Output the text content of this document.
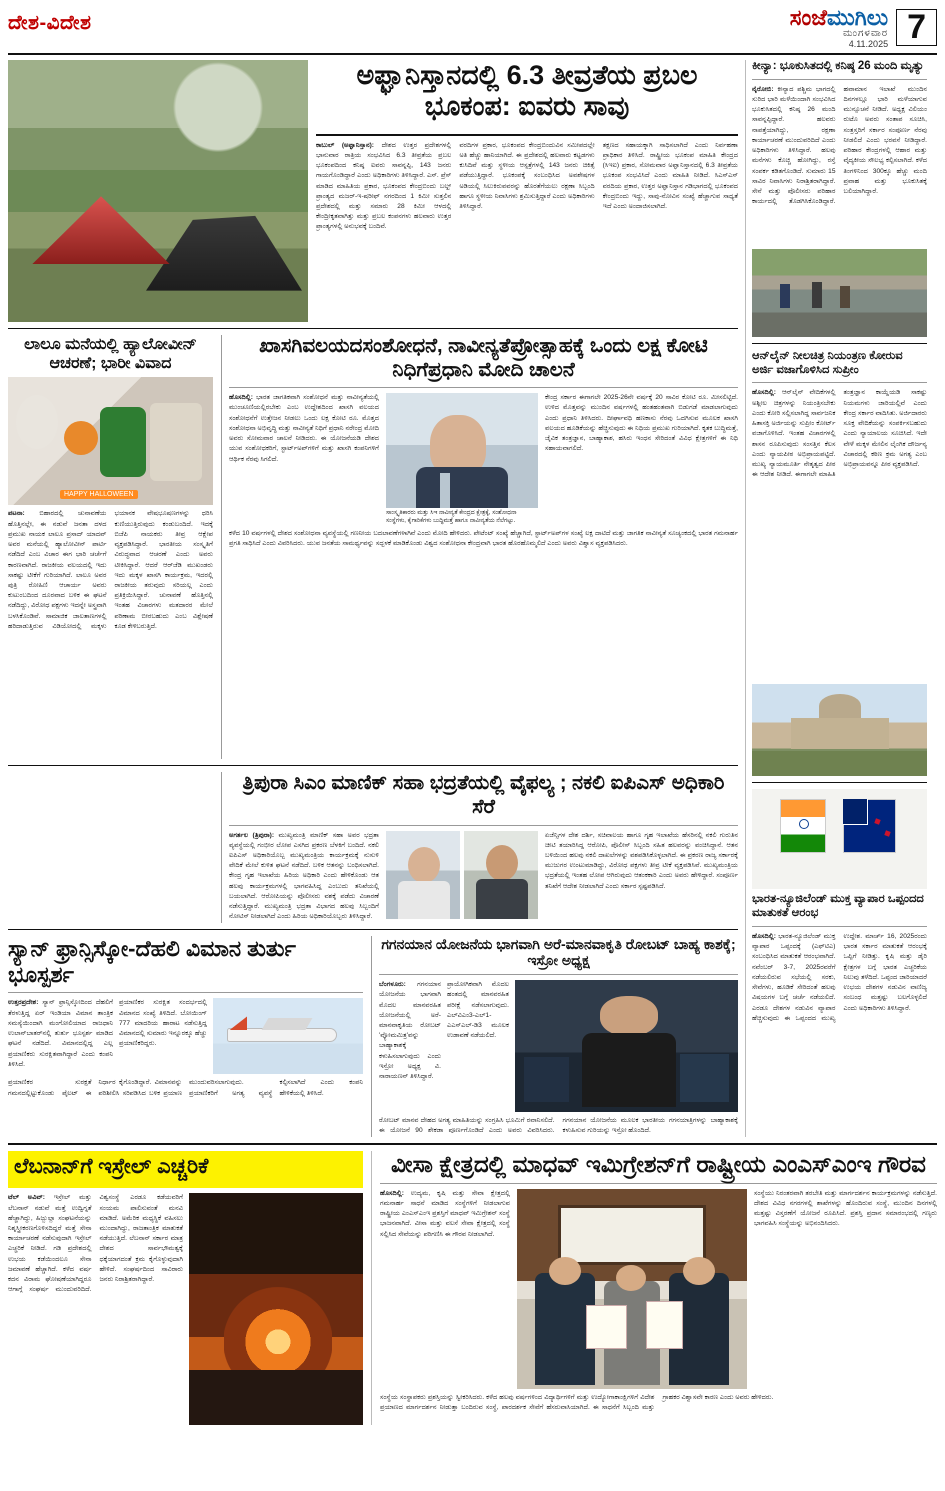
ದೇಶ-ವಿದೇಶ	ಸಂಜೆಮುಗಿಲು
ಮಂಗಳವಾರ
4.11.2025 7
ಅಫ್ಘಾನಿಸ್ತಾನದಲ್ಲಿ 6.3 ತೀವ್ರತೆಯ ಪ್ರಬಲ ಭೂಕಂಪ: ಐವರು ಸಾವು
ಕಾಬುಲ್ (ಅಫ್ಘಾನಿಸ್ತಾನ): ದೇಶದ ಉತ್ತರ ಪ್ರದೇಶಗಳಲ್ಲಿ ಭಾನುವಾರ ರಾತ್ರಿಯ ಸಂಭವಿಸಿದ 6.3 ತೀವ್ರತೆಯ ಪ್ರಬಲ ಭೂಕಂಪದಿಂದ ಕನಿಷ್ಠ ಐವರು ಸಾವನ್ನಪ್ಪಿ, 143 ಜನರು ಗಾಯಗೊಂಡಿದ್ದಾರೆ ಎಂದು ಅಧಿಕಾರಿಗಳು ತಿಳಿಸಿದ್ದಾರೆ. ಎಸ್. ಪ್ರೆಸ್ ಮಾಡಿದ ಮಾಹಿತಿಯ ಪ್ರಕಾರ, ಭೂಕಂಪದ ಕೇಂದ್ರಬಿಂದು ಬಲ್ಖ್ ಪ್ರಾಂತ್ಯದ ಮಜರ್-ಇ-ಷರೀಫ್ ನಗರದಿಂದ 1 ಕಿಮೀ ಸುತ್ತಲಿನ ಪ್ರದೇಶದಲ್ಲಿ ಮತ್ತು ಸಮಾರು 28 ಕಿಮೀ ಆಳದಲ್ಲಿ ಕೇಂದ್ರೀಕೃತವಾಗಿತ್ತು ಮತ್ತು ಪ್ರಬಲ ಕಂಪನಗಳು ಹಲವಾರು ಉತ್ತರ ಪ್ರಾಂತ್ಯಗಳಲ್ಲಿ ಅನುಭವಕ್ಕೆ ಬಂದಿವೆ.
ವರದಿಗಳ ಪ್ರಕಾರ, ಭೂಕಂಪದ ಕೇಂದ್ರಬಿಂದುವಿನ ಸಮೀಪದಲ್ಲೇ ಅತಿ ಹೆಚ್ಚು ಹಾನಿಯಾಗಿದೆ. ಈ ಪ್ರದೇಶದಲ್ಲಿ ಹಲವಾರು ಕಟ್ಟಡಗಳು ಕುಸಿದಿವೆ ಮತ್ತು ಸ್ಥಳೀಯ ಆಸ್ಪತ್ರೆಗಳಲ್ಲಿ 143 ಜನರು ಚಿಕಿತ್ಸೆ ಪಡೆಯುತ್ತಿದ್ದಾರೆ. ಭೂಕಂಪಕ್ಕೆ ಸಂಬಂಧಿಸಿದ ಅವಶೇಷಗಳ ಅಡಿಯಲ್ಲಿ ಸಿಲುಕಿರುವವರನ್ನು ಹೊರತೆಗೆಯಲು ರಕ್ಷಣಾ ಸಿಬ್ಬಂದಿ ಹಾಗೂ ಸ್ಥಳೀಯ ನಿವಾಸಿಗಳು ಶ್ರಮಿಸುತ್ತಿದ್ದಾರೆ ಎಂದು ಅಧಿಕಾರಿಗಳು ತಿಳಿಸಿದ್ದಾರೆ.
ತಕ್ಷಣದ ಸಹಾಯಕ್ಕಾಗಿ ಸಾಧಿಸಲಾಗಿದೆ ಎಂದು ನಿರ್ವಹಣಾ ಪ್ರಾಧಿಕಾರ ತಿಳಿಸಿದೆ. ರಾಷ್ಟ್ರೀಯ ಭೂಕಂಪ ಮಾಹಿತಿ ಕೇಂದ್ರದ (ಸಿಇಐ) ಪ್ರಕಾರ, ಸೋಮವಾರ ಅಫ್ಘಾನಿಸ್ತಾನದಲ್ಲಿ 6.3 ತೀವ್ರತೆಯ ಭೂಕಂಪ ಸಂಭವಿಸಿದೆ ಎಂದು ಮಾಹಿತಿ ನೀಡಿದೆ. ಸಿಎಸ್‌ಎಸ್ ವರದಿಯ ಪ್ರಕಾರ, ಉತ್ತರ ಅಫ್ಘಾನಿಸ್ತಾನ ಗಡಿಭಾಗದಲ್ಲಿ ಭೂಕಂಪದ ಕೇಂದ್ರಬಿಂದು ಇದ್ದು, ಸಾವು-ನೋವಿನ ಸಂಖ್ಯೆ ಹೆಚ್ಚಾಗುವ ಸಾಧ್ಯತೆ ಇದೆ ಎಂದು ಅಂದಾಜಿಸಲಾಗಿದೆ.
ಲಾಲೂ ಮನೆಯಲ್ಲಿ ಹ್ಯಾಲೋವೀನ್ ಆಚರಣೆ; ಭಾರೀ ವಿವಾದ
HAPPY HALLOWEEN
ಪಟನಾ: ಬಿಹಾರದಲ್ಲಿ ಚುನಾವಣೆಯ ಹೊತ್ತಿನಲ್ಲೇ, ಈ ನಡುವೆ ಜನತಾ ದಳದ ಪ್ರಮುಖ ನಾಯಕ ಲಾಲೂ ಪ್ರಸಾದ್ ಯಾದವ್ ಅವರ ಮನೆಯಲ್ಲಿ ಹ್ಯಾಲೋವೀನ್ ಪಾರ್ಟಿ ನಡೆದಿದೆ ಎಂಬ ವಿಚಾರ ಈಗ ಭಾರಿ ಚರ್ಚೆಗೆ ಕಾರಣವಾಗಿದೆ. ರಾಜಕೀಯ ವಲಯದಲ್ಲಿ ಇದು ಸಾಕಷ್ಟು ಟೀಕೆಗೆ ಗುರಿಯಾಗಿದೆ. ಲಾಲೂ ಅವರ ಪುತ್ರಿ ರೋಹಿಣಿ ಆಚಾರ್ಯ ಅವರು ಕುಟುಂಬದಿಂದ ದೂರವಾದ ಬಳಿಕ ಈ ಘಟನೆ ನಡೆದಿದ್ದು, ವಿರೋಧ ಪಕ್ಷಗಳು ಇದನ್ನೇ ಅಸ್ತ್ರವಾಗಿ ಬಳಸಿಕೊಂಡಿವೆ. ಸಾಮಾಜಿಕ ಜಾಲತಾಣಗಳಲ್ಲಿ ಹರಿದಾಡುತ್ತಿರುವ ವಿಡಿಯೋದಲ್ಲಿ ಮಕ್ಕಳು ಭಯಾನಕ ವೇಷಭೂಷಣಗಳನ್ನು ಧರಿಸಿ ಕುಣಿಯುತ್ತಿರುವುದು ಕಂಡುಬಂದಿದೆ. ಇದಕ್ಕೆ ಬಿಜೆಪಿ ನಾಯಕರು ತೀವ್ರ ಆಕ್ಷೇಪ ವ್ಯಕ್ತಪಡಿಸಿದ್ದಾರೆ. ಭಾರತೀಯ ಸಂಸ್ಕೃತಿಗೆ ವಿರುದ್ಧವಾದ ಆಚರಣೆ ಎಂದು ಅವರು ಟೀಕಿಸಿದ್ದಾರೆ. ಆದರೆ ಆರ್‌ಜೆಡಿ ಮುಖಂಡರು ಇದು ಮಕ್ಕಳ ಖಾಸಗಿ ಕಾರ್ಯಕ್ರಮ, ಇದರಲ್ಲಿ ರಾಜಕೀಯ ತರುವುದು ಸರಿಯಲ್ಲ ಎಂದು ಪ್ರತಿಕ್ರಿಯಿಸಿದ್ದಾರೆ. ಚುನಾವಣೆ ಹೊತ್ತಿನಲ್ಲಿ ಇಂತಹ ವಿಚಾರಗಳು ಮತದಾರರ ಮೇಲೆ ಪರಿಣಾಮ ಬೀರಬಹುದು ಎಂಬ ವಿಶ್ಲೇಷಣೆ ಕೂಡ ಕೇಳಿಬರುತ್ತಿದೆ.
ಖಾಸಗಿವಲಯದಸಂಶೋಧನೆ, ನಾವೀನ್ಯತೆಪ್ರೋತ್ಸಾಹಕ್ಕೆ ಒಂದು ಲಕ್ಷ ಕೋಟಿ ನಿಧಿಗೆಪ್ರಧಾನಿ ಮೋದಿ ಚಾಲನೆ
ಹೊಸದಿಲ್ಲಿ: ಭಾರತ ಜಾಗತಿಕವಾಗಿ ಸಂಶೋಧನೆ ಮತ್ತು ನಾವೀನ್ಯತೆಯಲ್ಲಿ ಮುಂಚೂಣಿಯಲ್ಲಿರಬೇಕು ಎಂಬ ಉದ್ದೇಶದಿಂದ ಖಾಸಗಿ ವಲಯದ ಸಂಶೋಧನೆಗೆ ಉತ್ತೇಜನ ನೀಡಲು ಒಂದು ಲಕ್ಷ ಕೋಟಿ ರೂ. ಮೊತ್ತದ ಸಂಶೋಧನಾ ಅಭಿವೃದ್ಧಿ ಮತ್ತು ನಾವೀನ್ಯತೆ ನಿಧಿಗೆ ಪ್ರಧಾನಿ ನರೇಂದ್ರ ಮೋದಿ ಅವರು ಸೋಮವಾರ ಚಾಲನೆ ನೀಡಿದರು. ಈ ಯೋಜನೆಯಡಿ ದೇಶದ ಯುವ ಸಂಶೋಧಕರಿಗೆ, ಸ್ಟಾರ್ಟ್‌ಅಪ್‌ಗಳಿಗೆ ಮತ್ತು ಖಾಸಗಿ ಕಂಪನಿಗಳಿಗೆ ಆರ್ಥಿಕ ನೆರವು ಸಿಗಲಿದೆ.
ಸಾಂಸ್ಕೃತಿಕಾರರು ಮತ್ತು ಸಿಇ ನಾವೀನ್ಯತೆ ಕೇಂದ್ರದ ಕ್ಷೇತ್ರಕ್ಕೆ, ಸಂಶೋಧನಾ ಸಂಸ್ಥೆಗಳು, ಕೈಗಾರಿಕೆಗಳು ಬುದ್ಧಿಮತ್ತೆ ಹಾಗೂ ನಾವೀನ್ಯತೆಯ ನೆಲೆಗಟ್ಟು.
ಕೇಂದ್ರ ಸರ್ಕಾರ ಈಗಾಗಲೇ 2025-26ನೇ ವರ್ಷಕ್ಕೆ 20 ಸಾವಿರ ಕೋಟಿ ರೂ. ಮೀಸಲಿಟ್ಟಿದೆ. ಉಳಿದ ಮೊತ್ತವನ್ನು ಮುಂದಿನ ವರ್ಷಗಳಲ್ಲಿ ಹಂತಹಂತವಾಗಿ ಬಿಡುಗಡೆ ಮಾಡಲಾಗುವುದು ಎಂದು ಪ್ರಧಾನಿ ತಿಳಿಸಿದರು. ದೀರ್ಘಾವಧಿ ಹಣಕಾಸು ನೆರವು ಒದಗಿಸುವ ಮೂಲಕ ಖಾಸಗಿ ವಲಯದ ಹೂಡಿಕೆಯನ್ನು ಹೆಚ್ಚಿಸುವುದು ಈ ನಿಧಿಯ ಪ್ರಮುಖ ಗುರಿಯಾಗಿದೆ. ಕೃತಕ ಬುದ್ಧಿಮತ್ತೆ, ಜೈವಿಕ ತಂತ್ರಜ್ಞಾನ, ಬಾಹ್ಯಾಕಾಶ, ಹಸಿರು ಇಂಧನ ಸೇರಿದಂತೆ ವಿವಿಧ ಕ್ಷೇತ್ರಗಳಿಗೆ ಈ ನಿಧಿ ಸಹಾಯವಾಗಲಿದೆ.
ಕಳೆದ 10 ವರ್ಷಗಳಲ್ಲಿ ದೇಶದ ಸಂಶೋಧನಾ ವ್ಯವಸ್ಥೆಯಲ್ಲಿ ಗಣನೀಯ ಬದಲಾವಣೆಗಳಾಗಿವೆ ಎಂದು ಮೋದಿ ಹೇಳಿದರು. ಪೇಟೆಂಟ್ ಸಂಖ್ಯೆ ಹೆಚ್ಚಾಗಿದೆ, ಸ್ಟಾರ್ಟ್‌ಅಪ್‌ಗಳ ಸಂಖ್ಯೆ ಲಕ್ಷ ದಾಟಿದೆ ಮತ್ತು ಜಾಗತಿಕ ನಾವೀನ್ಯತೆ ಸೂಚ್ಯಂಕದಲ್ಲಿ ಭಾರತ ಗಮನಾರ್ಹ ಪ್ರಗತಿ ಸಾಧಿಸಿದೆ ಎಂದು ವಿವರಿಸಿದರು. ಯುವ ಜನತೆಯ ಸಾಮರ್ಥ್ಯವನ್ನು ಸದ್ಬಳಕೆ ಮಾಡಿಕೊಂಡು ವಿಶ್ವದ ಸಂಶೋಧನಾ ಕೇಂದ್ರವಾಗಿ ಭಾರತ ಹೊರಹೊಮ್ಮಲಿದೆ ಎಂದು ಅವರು ವಿಶ್ವಾಸ ವ್ಯಕ್ತಪಡಿಸಿದರು.
ತ್ರಿಪುರಾ ಸಿಎಂ ಮಾಣಿಕ್ ಸಹಾ ಭದ್ರತೆಯಲ್ಲಿ ವೈಫಲ್ಯ ; ನಕಲಿ ಐಪಿಎಸ್ ಅಧಿಕಾರಿ ಸೆರೆ
ಅಗರ್ತಲ (ತ್ರಿಪುರಾ): ಮುಖ್ಯಮಂತ್ರಿ ಮಾಣಿಕ್ ಸಹಾ ಅವರ ಭದ್ರತಾ ವ್ಯವಸ್ಥೆಯಲ್ಲಿ ಗಂಭೀರ ಲೋಪ ಎಸಗಿದ ಪ್ರಕರಣ ಬೆಳಕಿಗೆ ಬಂದಿದೆ. ನಕಲಿ ಐಪಿಎಸ್ ಅಧಿಕಾರಿಯೊಬ್ಬ ಮುಖ್ಯಮಂತ್ರಿಯ ಕಾರ್ಯಕ್ರಮಕ್ಕೆ ನುಸುಳಿ ವೇದಿಕೆ ಮೇಲೆ ಕುಳಿತ ಘಟನೆ ನಡೆದಿದೆ. ಬಳಿಕ ಆತನನ್ನು ಬಂಧಿಸಲಾಗಿದೆ. ಕೇಂದ್ರ ಗೃಹ ಇಲಾಖೆಯ ಹಿರಿಯ ಅಧಿಕಾರಿ ಎಂದು ಹೇಳಿಕೊಂಡು ಆತ ಹಲವು ಕಾರ್ಯಕ್ರಮಗಳಲ್ಲಿ ಭಾಗವಹಿಸಿದ್ದ ಎಂಬುದು ತನಿಖೆಯಲ್ಲಿ ಬಯಲಾಗಿದೆ. ಆರೋಪಿಯನ್ನು ಪೊಲೀಸರು ವಶಕ್ಕೆ ಪಡೆದು ವಿಚಾರಣೆ ನಡೆಸುತ್ತಿದ್ದಾರೆ. ಮುಖ್ಯಮಂತ್ರಿ ಭದ್ರತಾ ವಿಭಾಗದ ಹಲವು ಸಿಬ್ಬಂದಿಗೆ ನೋಟಿಸ್ ನೀಡಲಾಗಿದೆ ಎಂದು ಹಿರಿಯ ಅಧಿಕಾರಿಯೊಬ್ಬರು ತಿಳಿಸಿದ್ದಾರೆ.
ಏಜೆನ್ಸಿಗಳ ದೇಶ ದರ್ಶಿ, ಸಚಿವಾಲಯ ಹಾಗೂ ಗೃಹ ಇಲಾಖೆಯ ಹೆಸರಿನಲ್ಲಿ ನಕಲಿ ಗುರುತಿನ ಚೀಟಿ ತಯಾರಿಸಿದ್ದ ಆರೋಪಿ, ಪೊಲೀಸ್ ಸಿಬ್ಬಂದಿ ಸಹಿತ ಹಲವರನ್ನು ವಂಚಿಸಿದ್ದಾನೆ. ಆತನ ಬಳಿಯಿಂದ ಹಲವು ನಕಲಿ ದಾಖಲೆಗಳನ್ನು ವಶಪಡಿಸಿಕೊಳ್ಳಲಾಗಿದೆ. ಈ ಪ್ರಕರಣ ರಾಜ್ಯ ಸರ್ಕಾರಕ್ಕೆ ಮುಜುಗರ ಉಂಟುಮಾಡಿದ್ದು, ವಿರೋಧ ಪಕ್ಷಗಳು ತೀವ್ರ ಟೀಕೆ ವ್ಯಕ್ತಪಡಿಸಿವೆ. ಮುಖ್ಯಮಂತ್ರಿಯ ಭದ್ರತೆಯಲ್ಲಿ ಇಂತಹ ಲೋಪ ಆಗಿರುವುದು ಆತಂಕಕಾರಿ ಎಂದು ಅವರು ಹೇಳಿದ್ದಾರೆ. ಸಂಪೂರ್ಣ ತನಿಖೆಗೆ ಆದೇಶ ನೀಡಲಾಗಿದೆ ಎಂದು ಸರ್ಕಾರ ಸ್ಪಷ್ಟಪಡಿಸಿದೆ.
ಸ್ಯಾನ್ ಫ್ರಾನ್ಸಿಸ್ಕೋ-ದೆಹಲಿ ವಿಮಾನ ತುರ್ತು ಭೂಸ್ಪರ್ಶ
ಉತ್ತರಪ್ರದೇಶ: ಸ್ಯಾನ್ ಫ್ರಾನ್ಸಿಸ್ಕೋದಿಂದ ದೆಹಲಿಗೆ ತೆರಳುತ್ತಿದ್ದ ಏರ್ ಇಂಡಿಯಾ ವಿಮಾನ ತಾಂತ್ರಿಕ ಸಮಸ್ಯೆಯಿಂದಾಗಿ ಮಂಗೋಲಿಯಾದ ರಾಜಧಾನಿ ಉಲಾನ್‌ಬಾತರ್‌ನಲ್ಲಿ ತುರ್ತು ಭೂಸ್ಪರ್ಶ ಮಾಡಿದ ಘಟನೆ ನಡೆದಿದೆ. ವಿಮಾನದಲ್ಲಿದ್ದ ಎಲ್ಲ ಪ್ರಯಾಣಿಕರು ಸುರಕ್ಷಿತವಾಗಿದ್ದಾರೆ ಎಂದು ಕಂಪನಿ ತಿಳಿಸಿದೆ.
ಪ್ರಯಾಣಿಕರ ಸುರಕ್ಷಿತ ಸಂದರ್ಭದಲ್ಲಿ ವಿಮಾನದ ಸಂಖ್ಯೆ ತಿಳಿದಿದೆ. ಬೋಯಿಂಗ್ 777 ಮಾದರಿಯ ಹಾರಾಟ ನಡೆಸುತ್ತಿದ್ದ ವಿಮಾನದಲ್ಲಿ ಸುಮಾರು ಇನ್ನೂರಕ್ಕೂ ಹೆಚ್ಚು ಪ್ರಯಾಣಿಕರಿದ್ದರು.
ಪ್ರಯಾಣಿಕರ ಸುರಕ್ಷತೆ ಗಮನದಲ್ಲಿಟ್ಟುಕೊಂಡು ಪೈಲಟ್ ಈ ನಿರ್ಧಾರ ಕೈಗೊಂಡಿದ್ದಾರೆ. ವಿಮಾನವನ್ನು ಪರಿಶೀಲಿಸಿ ಸರಿಪಡಿಸಿದ ಬಳಿಕ ಪ್ರಯಾಣ ಮುಂದುವರಿಸಲಾಗುವುದು. ಪ್ರಯಾಣಿಕರಿಗೆ ಅಗತ್ಯ ವ್ಯವಸ್ಥೆ ಕಲ್ಪಿಸಲಾಗಿದೆ ಎಂದು ಕಂಪನಿ ಹೇಳಿಕೆಯಲ್ಲಿ ತಿಳಿಸಿದೆ.
ಗಗನಯಾನ ಯೋಜನೆಯ ಭಾಗವಾಗಿ ಅರೆ-ಮಾನವಾಕೃತಿ ರೋಬಟ್ ಬಾಹ್ಯ ಕಾಶಕ್ಕೆ; ಇಸ್ರೋ ಅಧ್ಯಕ್ಷ
ಬೆಂಗಳೂರು: ಗಗನಯಾನ ಯೋಜನೆಯ ಭಾಗವಾಗಿ ಮೊದಲ ಮಾನವರಹಿತ ಯೋಜನೆಯಲ್ಲಿ ಅರೆ-ಮಾನವಾಕೃತಿಯ ರೋಬಟ್ 'ವ್ಯೋಮಮಿತ್ರ'ವನ್ನು ಬಾಹ್ಯಾಕಾಶಕ್ಕೆ ಕಳುಹಿಸಲಾಗುವುದು ಎಂದು ಇಸ್ರೋ ಅಧ್ಯಕ್ಷ ವಿ. ನಾರಾಯಣನ್ ತಿಳಿಸಿದ್ದಾರೆ.
ಪ್ರಾಯೋಗಿಕವಾಗಿ ಮೊದಲ ಹಂತದಲ್ಲಿ ಮಾನವರಹಿತ ಪರೀಕ್ಷೆ ನಡೆಸಲಾಗುವುದು. ಎಲ್‌ವಿಎಂ3-ಎಲ್‌1-ಎಎಸ್‌ಎಲ್-ಡಿ3 ಮೂಲಕ ಉಡಾವಣೆ ನಡೆಯಲಿದೆ.
ರೋಬಟ್ ಮಾನವ ದೇಹದ ಅಗತ್ಯ ಮಾಹಿತಿಯನ್ನು ಸಂಗ್ರಹಿಸಿ ಭೂಮಿಗೆ ರವಾನಿಸಲಿದೆ. ಈ ಯೋಜನೆ 90 ಶೇಕಡಾ ಪೂರ್ಣಗೊಂಡಿದೆ ಎಂದು ಅವರು ವಿವರಿಸಿದರು. ಗಗನಯಾನ ಯೋಜನೆಯ ಮೂಲಕ ಭಾರತೀಯ ಗಗನಯಾತ್ರಿಗಳನ್ನು ಬಾಹ್ಯಾಕಾಶಕ್ಕೆ ಕಳುಹಿಸುವ ಗುರಿಯನ್ನು ಇಸ್ರೋ ಹೊಂದಿದೆ.
ಕೀನ್ಯಾ: ಭೂಕುಸಿತದಲ್ಲಿ ಕನಿಷ್ಠ 26 ಮಂದಿ ಮೃತ್ಯು
ನೈರೋಬಿ: ಕೀನ್ಯಾದ ಪಶ್ಚಿಮ ಭಾಗದಲ್ಲಿ ಸುರಿದ ಭಾರಿ ಮಳೆಯಿಂದಾಗಿ ಸಂಭವಿಸಿದ ಭೂಕುಸಿತದಲ್ಲಿ ಕನಿಷ್ಠ 26 ಮಂದಿ ಸಾವನ್ನಪ್ಪಿದ್ದಾರೆ. ಹಲವರು ನಾಪತ್ತೆಯಾಗಿದ್ದು, ರಕ್ಷಣಾ ಕಾರ್ಯಾಚರಣೆ ಮುಂದುವರಿದಿದೆ ಎಂದು ಅಧಿಕಾರಿಗಳು ತಿಳಿಸಿದ್ದಾರೆ. ಹಲವು ಮನೆಗಳು ಕೊಚ್ಚಿ ಹೋಗಿದ್ದು, ರಸ್ತೆ ಸಂಪರ್ಕ ಕಡಿತಗೊಂಡಿದೆ. ಸುಮಾರು 15 ಸಾವಿರ ನಿವಾಸಿಗಳು ನಿರಾಶ್ರಿತರಾಗಿದ್ದಾರೆ. ಸೇನೆ ಮತ್ತು ಪೊಲೀಸರು ಪರಿಹಾರ ಕಾರ್ಯದಲ್ಲಿ ತೊಡಗಿಸಿಕೊಂಡಿದ್ದಾರೆ. ಹವಾಮಾನ ಇಲಾಖೆ ಮುಂದಿನ ದಿನಗಳಲ್ಲೂ ಭಾರಿ ಮಳೆಯಾಗುವ ಮುನ್ಸೂಚನೆ ನೀಡಿದೆ. ಅಧ್ಯಕ್ಷ ವಿಲಿಯಂ ರುಟೊ ಅವರು ಸಂತಾಪ ಸೂಚಿಸಿ, ಸಂತ್ರಸ್ತರಿಗೆ ಸರ್ಕಾರ ಸಂಪೂರ್ಣ ನೆರವು ನೀಡಲಿದೆ ಎಂದು ಭರವಸೆ ನೀಡಿದ್ದಾರೆ. ಪರಿಹಾರ ಕೇಂದ್ರಗಳಲ್ಲಿ ಆಹಾರ ಮತ್ತು ವೈದ್ಯಕೀಯ ಸೌಲಭ್ಯ ಕಲ್ಪಿಸಲಾಗಿದೆ. ಕಳೆದ ತಿಂಗಳಿನಿಂದ 300ಕ್ಕೂ ಹೆಚ್ಚು ಮಂದಿ ಪ್ರವಾಹ ಮತ್ತು ಭೂಕುಸಿತಕ್ಕೆ ಬಲಿಯಾಗಿದ್ದಾರೆ.
ಆನ್‌ಲೈನ್ ನೀಲಚಿತ್ರ ನಿಯಂತ್ರಣ ಕೋರುವ ಅರ್ಜಿ ವಜಾಗೊಳಿಸಿದ ಸುಪ್ರೀಂ
ಹೊಸದಿಲ್ಲಿ: ಆನ್‌ಲೈನ್ ವೇದಿಕೆಗಳಲ್ಲಿ ಅಶ್ಲೀಲ ಚಿತ್ರಗಳನ್ನು ನಿಯಂತ್ರಿಸಬೇಕು ಎಂದು ಕೋರಿ ಸಲ್ಲಿಸಲಾಗಿದ್ದ ಸಾರ್ವಜನಿಕ ಹಿತಾಸಕ್ತಿ ಅರ್ಜಿಯನ್ನು ಸುಪ್ರೀಂ ಕೋರ್ಟ್ ವಜಾಗೊಳಿಸಿದೆ. ಇಂತಹ ವಿಚಾರಗಳಲ್ಲಿ ಶಾಸನ ರೂಪಿಸುವುದು ಸಂಸತ್ತಿನ ಕೆಲಸ ಎಂದು ನ್ಯಾಯಪೀಠ ಅಭಿಪ್ರಾಯಪಟ್ಟಿದೆ. ಮುಖ್ಯ ನ್ಯಾಯಮೂರ್ತಿ ನೇತೃತ್ವದ ಪೀಠ ಈ ಆದೇಶ ನೀಡಿದೆ. ಈಗಾಗಲೇ ಮಾಹಿತಿ ತಂತ್ರಜ್ಞಾನ ಕಾಯ್ದೆಯಡಿ ಸಾಕಷ್ಟು ನಿಯಮಗಳು ಜಾರಿಯಲ್ಲಿವೆ ಎಂದು ಕೇಂದ್ರ ಸರ್ಕಾರ ವಾದಿಸಿತು. ಅರ್ಜಿದಾರರು ಸೂಕ್ತ ವೇದಿಕೆಯನ್ನು ಸಂಪರ್ಕಿಸಬಹುದು ಎಂದು ನ್ಯಾಯಾಲಯ ಸೂಚಿಸಿದೆ. ಇದೇ ವೇಳೆ ಮಕ್ಕಳ ಮೇಲಿನ ಲೈಂಗಿಕ ದೌರ್ಜನ್ಯ ವಿಚಾರದಲ್ಲಿ ಕಠಿಣ ಕ್ರಮ ಅಗತ್ಯ ಎಂಬ ಅಭಿಪ್ರಾಯವನ್ನೂ ಪೀಠ ವ್ಯಕ್ತಪಡಿಸಿದೆ.
ಭಾರತ-ನ್ಯೂಜಿಲೆಂಡ್ ಮುಕ್ತ ವ್ಯಾಪಾರ ಒಪ್ಪಂದದ ಮಾತುಕತೆ ಆರಂಭ
ಹೊಸದಿಲ್ಲಿ: ಭಾರತ-ನ್ಯೂಜಿಲೆಂಡ್ ಮುಕ್ತ ವ್ಯಾಪಾರ ಒಪ್ಪಂದಕ್ಕೆ (ಎಫ್‌ಟಿಎ) ಸಂಬಂಧಿಸಿದ ಮಾತುಕತೆ ಆರಂಭವಾಗಿದೆ. ನವೆಂಬರ್ 3-7, 2025ರವರೆಗೆ ನಡೆಯಲಿರುವ ಸಭೆಯಲ್ಲಿ ಸರಕು, ಸೇವೆಗಳು, ಹೂಡಿಕೆ ಸೇರಿದಂತೆ ಹಲವು ವಿಷಯಗಳ ಬಗ್ಗೆ ಚರ್ಚೆ ನಡೆಯಲಿದೆ. ಎರಡೂ ದೇಶಗಳ ನಡುವಿನ ವ್ಯಾಪಾರ ಹೆಚ್ಚಿಸುವುದು ಈ ಒಪ್ಪಂದದ ಮುಖ್ಯ ಉದ್ದೇಶ. ಮಾರ್ಚ್ 16, 2025ರಂದು ಭಾರತ ಸರ್ಕಾರ ಮಾತುಕತೆ ಆರಂಭಕ್ಕೆ ಒಪ್ಪಿಗೆ ನೀಡಿತ್ತು. ಕೃಷಿ ಮತ್ತು ಡೈರಿ ಕ್ಷೇತ್ರಗಳ ಬಗ್ಗೆ ಭಾರತ ಎಚ್ಚರಿಕೆಯ ನಿಲುವು ತಳೆದಿದೆ. ಒಪ್ಪಂದ ಜಾರಿಯಾದರೆ ಉಭಯ ದೇಶಗಳ ನಡುವಿನ ವಾಣಿಜ್ಯ ಸಂಬಂಧ ಮತ್ತಷ್ಟು ಬಲಗೊಳ್ಳಲಿದೆ ಎಂದು ಅಧಿಕಾರಿಗಳು ತಿಳಿಸಿದ್ದಾರೆ.
ಲೆಬನಾನ್‌ಗೆ ಇಸ್ರೇಲ್ ಎಚ್ಚರಿಕೆ
ಟೆಲ್ ಅವಿವ್: ಇಸ್ರೇಲ್ ಮತ್ತು ಲೆಬನಾನ್ ನಡುವೆ ಮತ್ತೆ ಉದ್ವಿಗ್ನತೆ ಹೆಚ್ಚಾಗಿದ್ದು, ಹಿಜ್ಬುಲ್ಲಾ ಸಂಘಟನೆಯನ್ನು ನಿಶ್ಶಸ್ತ್ರೀಕರಣಗೊಳಿಸದಿದ್ದರೆ ಮತ್ತೆ ಸೇನಾ ಕಾರ್ಯಾಚರಣೆ ನಡೆಸುವುದಾಗಿ ಇಸ್ರೇಲ್ ಎಚ್ಚರಿಕೆ ನೀಡಿದೆ. ಗಡಿ ಪ್ರದೇಶದಲ್ಲಿ ಉಭಯ ಕಡೆಯಿಂದಲೂ ಸೇನಾ ಜಮಾವಣೆ ಹೆಚ್ಚಾಗಿದೆ. ಕಳೆದ ವರ್ಷ ಕದನ ವಿರಾಮ ಘೋಷಣೆಯಾಗಿದ್ದರೂ ಆಗಾಗ್ಗೆ ಸಂಘರ್ಷ ಮುಂದುವರಿದಿದೆ. ವಿಶ್ವಸಂಸ್ಥೆ ಎರಡೂ ಕಡೆಯವರಿಗೆ ಸಂಯಮ ಪಾಲಿಸುವಂತೆ ಮನವಿ ಮಾಡಿದೆ. ಅಮೆರಿಕ ಮಧ್ಯಸ್ಥಿಕೆ ವಹಿಸಲು ಮುಂದಾಗಿದ್ದು, ರಾಜತಾಂತ್ರಿಕ ಮಾತುಕತೆ ನಡೆಯುತ್ತಿದೆ. ಲೆಬನಾನ್ ಸರ್ಕಾರ ಮಾತ್ರ ದೇಶದ ಸಾರ್ವಭೌಮತ್ವಕ್ಕೆ ಧಕ್ಕೆಯಾಗದಂತೆ ಕ್ರಮ ಕೈಗೊಳ್ಳುವುದಾಗಿ ಹೇಳಿದೆ. ಸಂಘರ್ಷದಿಂದ ಸಾವಿರಾರು ಜನರು ನಿರಾಶ್ರಿತರಾಗಿದ್ದಾರೆ.
ವೀಸಾ ಕ್ಷೇತ್ರದಲ್ಲಿ ಮಾಧವ್ ಇಮಿಗ್ರೇಶನ್‌ಗೆ ರಾಷ್ಟ್ರೀಯ ಎಂಎಸ್‌ಎಂಇ ಗೌರವ
ಹೊಸದಿಲ್ಲಿ: ಉದ್ಯಮ, ಕೃಷಿ ಮತ್ತು ಸೇವಾ ಕ್ಷೇತ್ರದಲ್ಲಿ ಗಮನಾರ್ಹ ಸಾಧನೆ ಮಾಡಿದ ಸಂಸ್ಥೆಗಳಿಗೆ ನೀಡಲಾಗುವ ರಾಷ್ಟ್ರೀಯ ಎಂಎಸ್‌ಎಂಇ ಪ್ರಶಸ್ತಿಗೆ ಮಾಧವ್ ಇಮಿಗ್ರೇಶನ್ ಸಂಸ್ಥೆ ಭಾಜನವಾಗಿದೆ. ವೀಸಾ ಮತ್ತು ವಲಸೆ ಸೇವಾ ಕ್ಷೇತ್ರದಲ್ಲಿ ಸಂಸ್ಥೆ ಸಲ್ಲಿಸಿದ ಸೇವೆಯನ್ನು ಪರಿಗಣಿಸಿ ಈ ಗೌರವ ನೀಡಲಾಗಿದೆ.
ಸಂಸ್ಥೆಯು ನಿರಂತರವಾಗಿ ತರಬೇತಿ ಮತ್ತು ಮಾರ್ಗದರ್ಶನ ಕಾರ್ಯಕ್ರಮಗಳನ್ನು ನಡೆಸುತ್ತಿದೆ. ದೇಶದ ವಿವಿಧ ನಗರಗಳಲ್ಲಿ ಶಾಖೆಗಳನ್ನು ಹೊಂದಿರುವ ಸಂಸ್ಥೆ, ಮುಂದಿನ ದಿನಗಳಲ್ಲಿ ಮತ್ತಷ್ಟು ವಿಸ್ತರಣೆಗೆ ಯೋಜನೆ ರೂಪಿಸಿದೆ. ಪ್ರಶಸ್ತಿ ಪ್ರದಾನ ಸಮಾರಂಭದಲ್ಲಿ ಗಣ್ಯರು ಭಾಗವಹಿಸಿ ಸಂಸ್ಥೆಯನ್ನು ಅಭಿನಂದಿಸಿದರು.
ಸಂಸ್ಥೆಯ ಸಂಸ್ಥಾಪಕರು ಪ್ರಶಸ್ತಿಯನ್ನು ಸ್ವೀಕರಿಸಿದರು. ಕಳೆದ ಹಲವು ವರ್ಷಗಳಿಂದ ವಿದ್ಯಾರ್ಥಿಗಳಿಗೆ ಮತ್ತು ಉದ್ಯೋಗಾಕಾಂಕ್ಷಿಗಳಿಗೆ ವಿದೇಶ ಪ್ರಯಾಣದ ಮಾರ್ಗದರ್ಶನ ನೀಡುತ್ತಾ ಬಂದಿರುವ ಸಂಸ್ಥೆ, ಪಾರದರ್ಶಕ ಸೇವೆಗೆ ಹೆಸರುವಾಸಿಯಾಗಿದೆ. ಈ ಸಾಧನೆಗೆ ಸಿಬ್ಬಂದಿ ಮತ್ತು ಗ್ರಾಹಕರ ವಿಶ್ವಾಸವೇ ಕಾರಣ ಎಂದು ಅವರು ಹೇಳಿದರು.
